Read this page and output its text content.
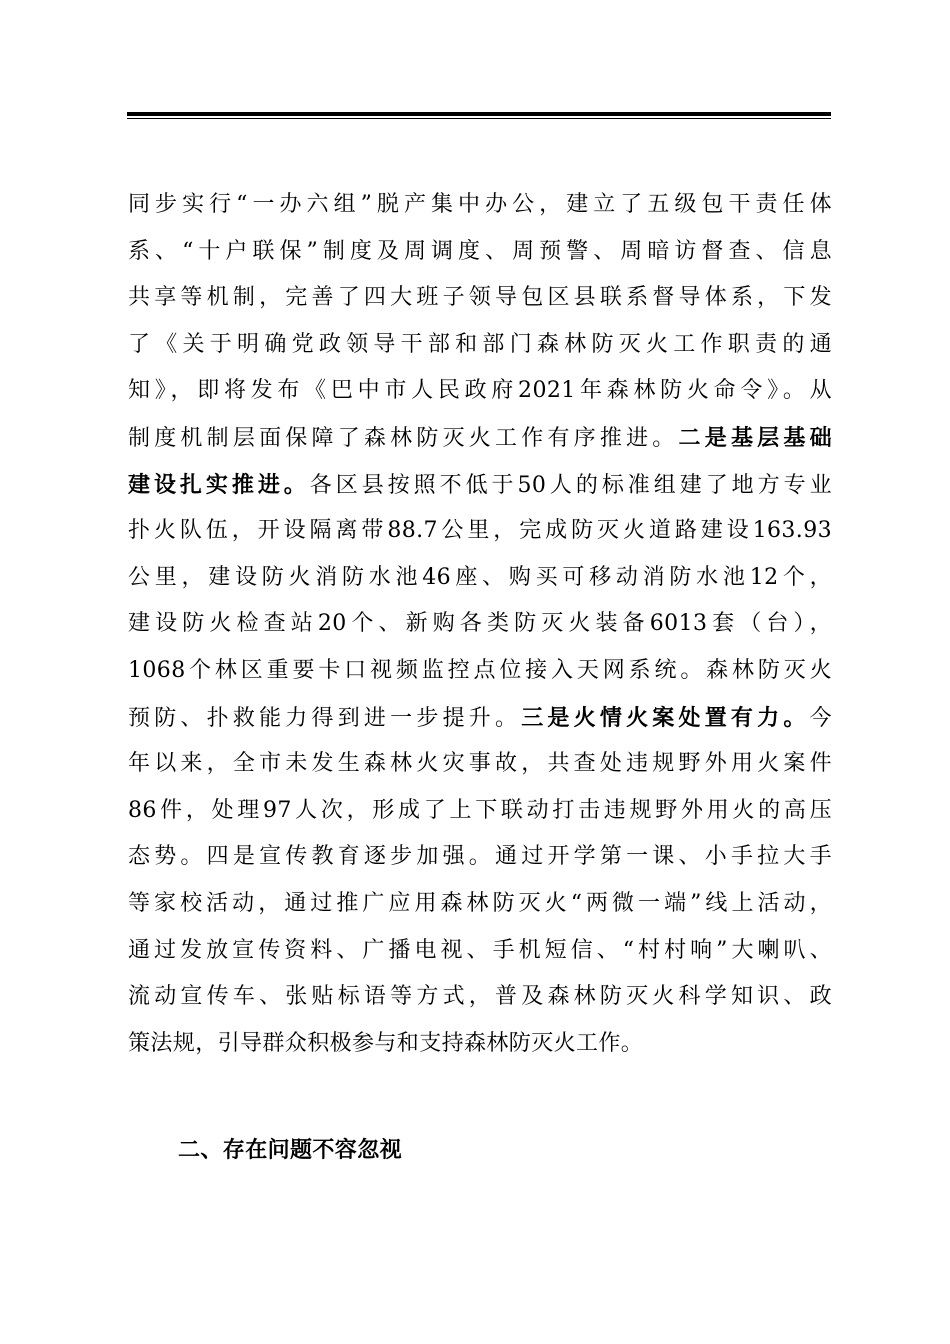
同步实行“一办六组”脱产集中办公，建立了五级包干责任体
系、“十户联保”制度及周调度、周预警、周暗访督查、信息
共享等机制，完善了四大班子领导包区县联系督导体系，下发
了《关于明确党政领导干部和部门森林防灭火工作职责的通
知》，即将发布《巴中市人民政府2021年森林防火命令》。从
制度机制层面保障了森林防灭火工作有序推进。二是基层基础
建设扎实推进。各区县按照不低于50人的标准组建了地方专业
扑火队伍，开设隔离带88.7公里，完成防灭火道路建设163.93
公里，建设防火消防水池46座、购买可移动消防水池12个，
建设防火检查站20个、新购各类防灭火装备6013套（台），
1068个林区重要卡口视频监控点位接入天网系统。森林防灭火
预防、扑救能力得到进一步提升。三是火情火案处置有力。今
年以来，全市未发生森林火灾事故，共查处违规野外用火案件
86件，处理97人次，形成了上下联动打击违规野外用火的高压
态势。四是宣传教育逐步加强。通过开学第一课、小手拉大手
等家校活动，通过推广应用森林防灭火“两微一端”线上活动，
通过发放宣传资料、广播电视、手机短信、“村村响”大喇叭、
流动宣传车、张贴标语等方式，普及森林防灭火科学知识、政
策法规，引导群众积极参与和支持森林防灭火工作。
二、存在问题不容忽视
